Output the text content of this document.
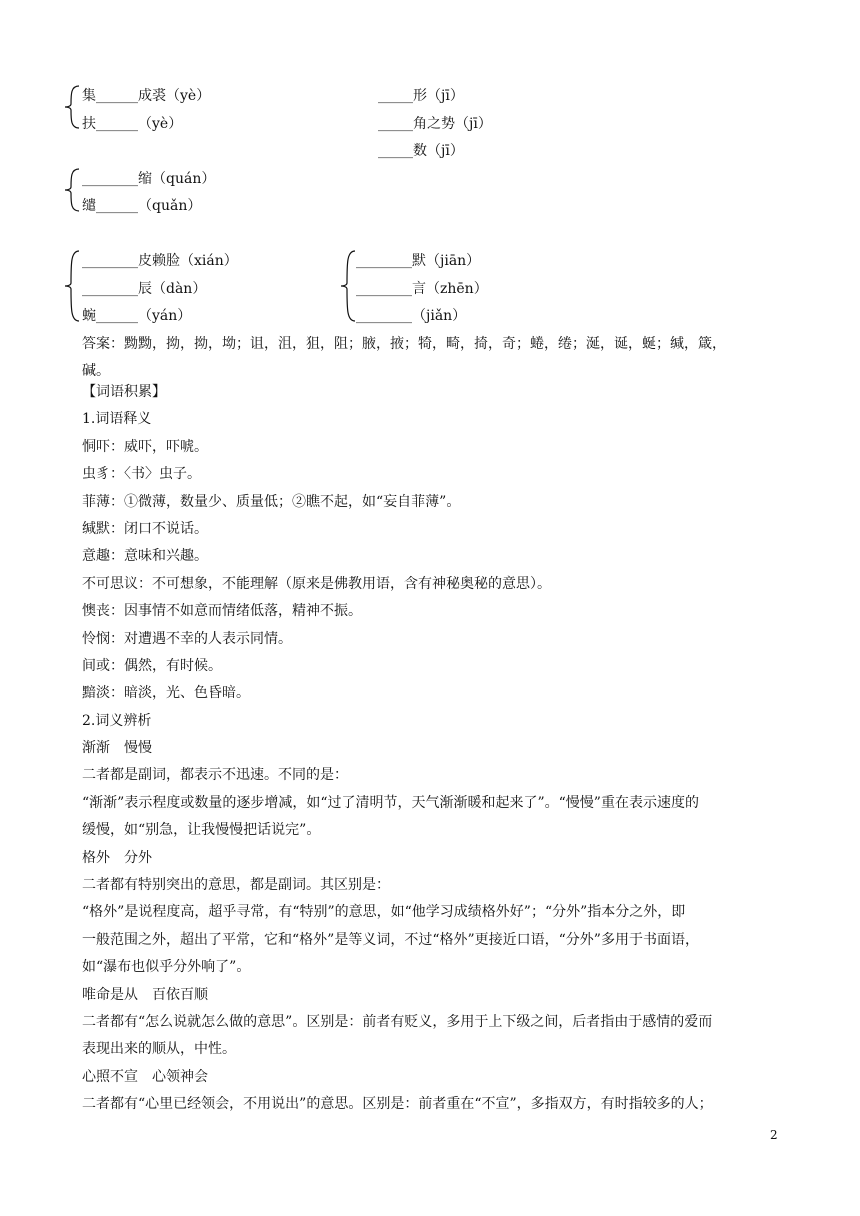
集______成裘（yè）
扶______（yè）
_____形（jī）
_____角之势（jī）
_____数（jī）
________缩（quán）
缱______（quǎn）
________皮赖脸（xián）
________辰（dàn）
蜿______（yán）
________默（jiān）
________言（zhēn）
________（jiǎn）
答案：黝黝，拗，拗，坳；诅，沮，狙，阻；腋，掖；犄，畸，掎，奇；蜷，绻；涎，诞，蜒；缄，箴，
碱。
【词语积累】
1.词语释义
恫吓：威吓，吓唬。
虫豸：〈书〉虫子。
菲薄：①微薄，数量少、质量低；②瞧不起，如“妄自菲薄”。
缄默：闭口不说话。
意趣：意味和兴趣。
不可思议：不可想象，不能理解（原来是佛教用语，含有神秘奥秘的意思）。
懊丧：因事情不如意而情绪低落，精神不振。
怜悯：对遭遇不幸的人表示同情。
间或：偶然，有时候。
黯淡：暗淡，光、色昏暗。
2.词义辨析
渐渐　慢慢
二者都是副词，都表示不迅速。不同的是：
“渐渐”表示程度或数量的逐步增减，如“过了清明节，天气渐渐暖和起来了”。“慢慢”重在表示速度的
缓慢，如“别急，让我慢慢把话说完”。
格外　分外
二者都有特别突出的意思，都是副词。其区别是：
“格外”是说程度高，超乎寻常，有“特别”的意思，如“他学习成绩格外好”；“分外”指本分之外，即
一般范围之外，超出了平常，它和“格外”是等义词，不过“格外”更接近口语，“分外”多用于书面语，
如“瀑布也似乎分外响了”。
唯命是从　百依百顺
二者都有“怎么说就怎么做的意思”。区别是：前者有贬义，多用于上下级之间，后者指由于感情的爱而
表现出来的顺从，中性。
心照不宣　心领神会
二者都有“心里已经领会，不用说出”的意思。区别是：前者重在“不宣”，多指双方，有时指较多的人；
2
